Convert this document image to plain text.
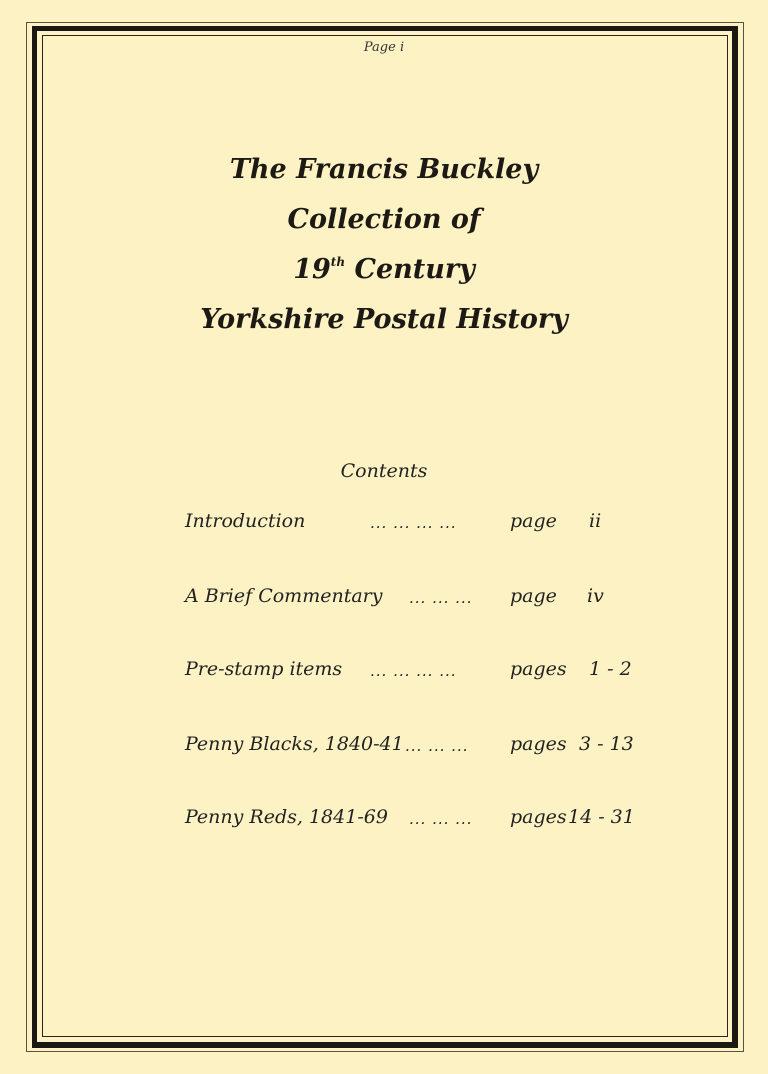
Page i
The Francis Buckley
Collection of
19th Century
Yorkshire Postal History
Contents
Introduction	... ... ... ...	page ii
A Brief Commentary ... ... ... page iv
Pre-stamp items ... ... ... ...	pages 1 - 2
Penny Blacks, 1840-41 ... ... ... pages 3 - 13
Penny Reds, 1841-69 ... ... ... pages 14 - 31
